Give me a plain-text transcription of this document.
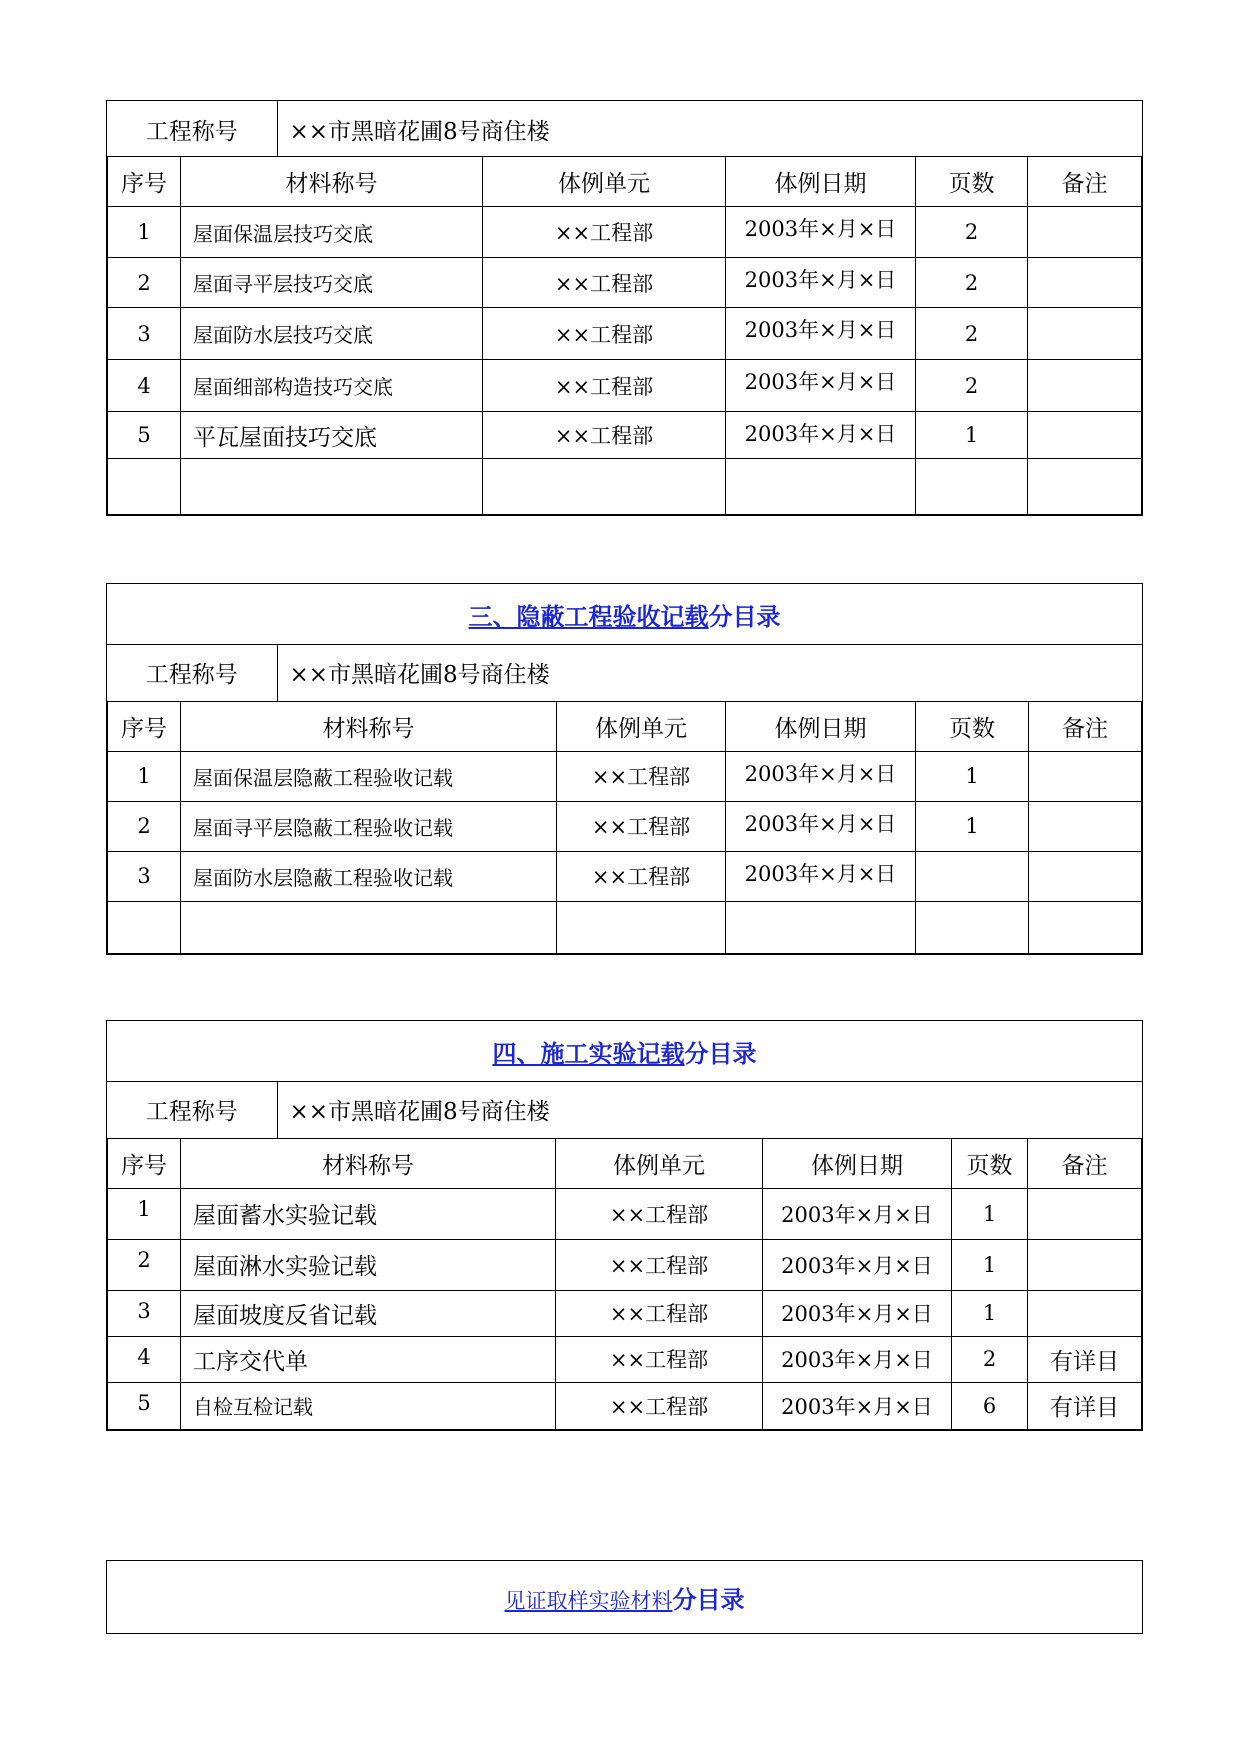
工程称号	××市黑暗花圃8号商住楼
序号	材料称号	体例单元	体例日期	页数	备注
1	屋面保温层技巧交底	××工程部	2003年×月×日	2	
2	屋面寻平层技巧交底	××工程部	2003年×月×日	2	
3	屋面防水层技巧交底	××工程部	2003年×月×日	2	
4	屋面细部构造技巧交底	××工程部	2003年×月×日	2	
5	平瓦屋面技巧交底	××工程部	2003年×月×日	1	

三、隐蔽工程验收记载分目录
工程称号	××市黑暗花圃8号商住楼
序号	材料称号	体例单元	体例日期	页数	备注
1	屋面保温层隐蔽工程验收记载	××工程部	2003年×月×日	1	
2	屋面寻平层隐蔽工程验收记载	××工程部	2003年×月×日	1	
3	屋面防水层隐蔽工程验收记载	××工程部	2003年×月×日		

四、施工实验记载分目录
工程称号	××市黑暗花圃8号商住楼
序号	材料称号	体例单元	体例日期	页数	备注
1	屋面蓄水实验记载	××工程部	2003年×月×日	1	
2	屋面淋水实验记载	××工程部	2003年×月×日	1	
3	屋面坡度反省记载	××工程部	2003年×月×日	1	
4	工序交代单	××工程部	2003年×月×日	2	有详目
5	自检互检记载	××工程部	2003年×月×日	6	有详目
见证取样实验材料分目录
